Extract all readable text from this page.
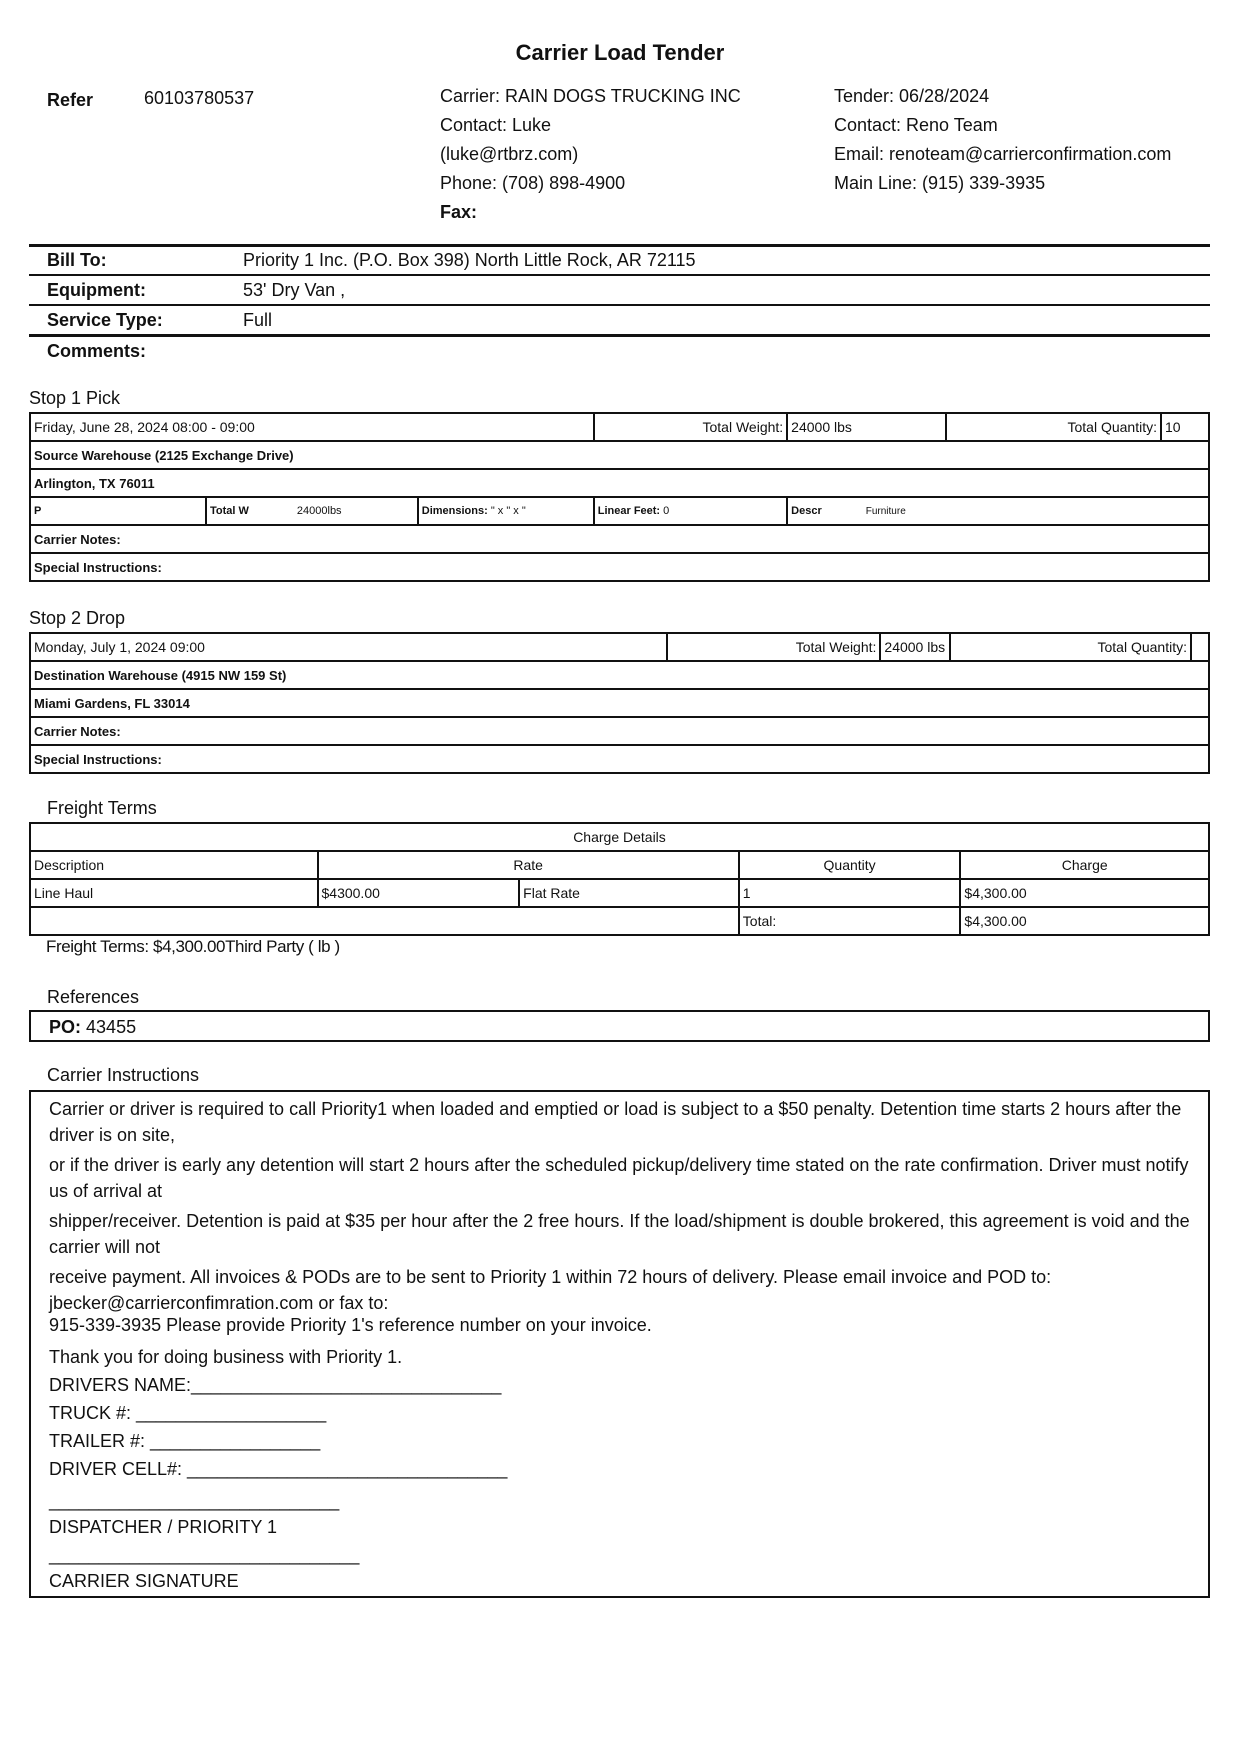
Carrier Load Tender
Refer	60103780537	Carrier: RAIN DOGS TRUCKING INC
Contact: Luke
(luke@rtbrz.com)
Phone: (708) 898-4900
Fax:
Tender: 06/28/2024
Contact: Reno Team
Email: renoteam@carrierconfirmation.com
Main Line: (915) 339-3935
Bill To:	Priority 1 Inc. (P.O. Box 398) North Little Rock, AR 72115
Equipment:	53' Dry Van ,
Service Type:	Full
Comments:
Stop 1 Pick
Friday, June 28, 2024 08:00 - 09:00			Total Weight:	24000 lbs	Total Quantity:	10
Source Warehouse (2125 Exchange Drive)						
Arlington, TX 76011						
P	Total W 24000lbs	Dimensions: " x " x "	Linear Feet: 0	Descr Furniture		
Carrier Notes:						
Special Instructions:						
Stop 2 Drop
Monday, July 1, 2024 09:00	Total Weight:	24000 lbs	Total Quantity:	
Destination Warehouse (4915 NW 159 St)
Miami Gardens, FL 33014
Carrier Notes:
Special Instructions:
Freight Terms
Charge Details				
Description	Rate		Quantity	Charge
Line Haul	$4300.00	Flat Rate	1	$4,300.00
			Total:	$4,300.00
Freight Terms: $4,300.00Third Party ( lb )
References
PO: 43455
Carrier Instructions

Carrier or driver is required to call Priority1 when loaded and emptied or load is subject to a $50 penalty. Detention time starts 2 hours after the driver is on site,

or if the driver is early any detention will start 2 hours after the scheduled pickup/delivery time stated on the rate confirmation. Driver must notify us of arrival at

shipper/receiver. Detention is paid at $35 per hour after the 2 free hours. If the load/shipment is double brokered, this agreement is void and the carrier will not

receive payment. All invoices & PODs are to be sent to Priority 1 within 72 hours of delivery. Please email invoice and POD to: jbecker@carrierconfimration.com or fax to:

915-339-3935 Please provide Priority 1's reference number on your invoice.

Thank you for doing business with Priority 1.

DRIVERS NAME:_______________________________

TRUCK #: ___________________

TRAILER #: _________________

DRIVER CELL#: ________________________________

_____________________________

DISPATCHER / PRIORITY 1

_______________________________

CARRIER SIGNATURE
